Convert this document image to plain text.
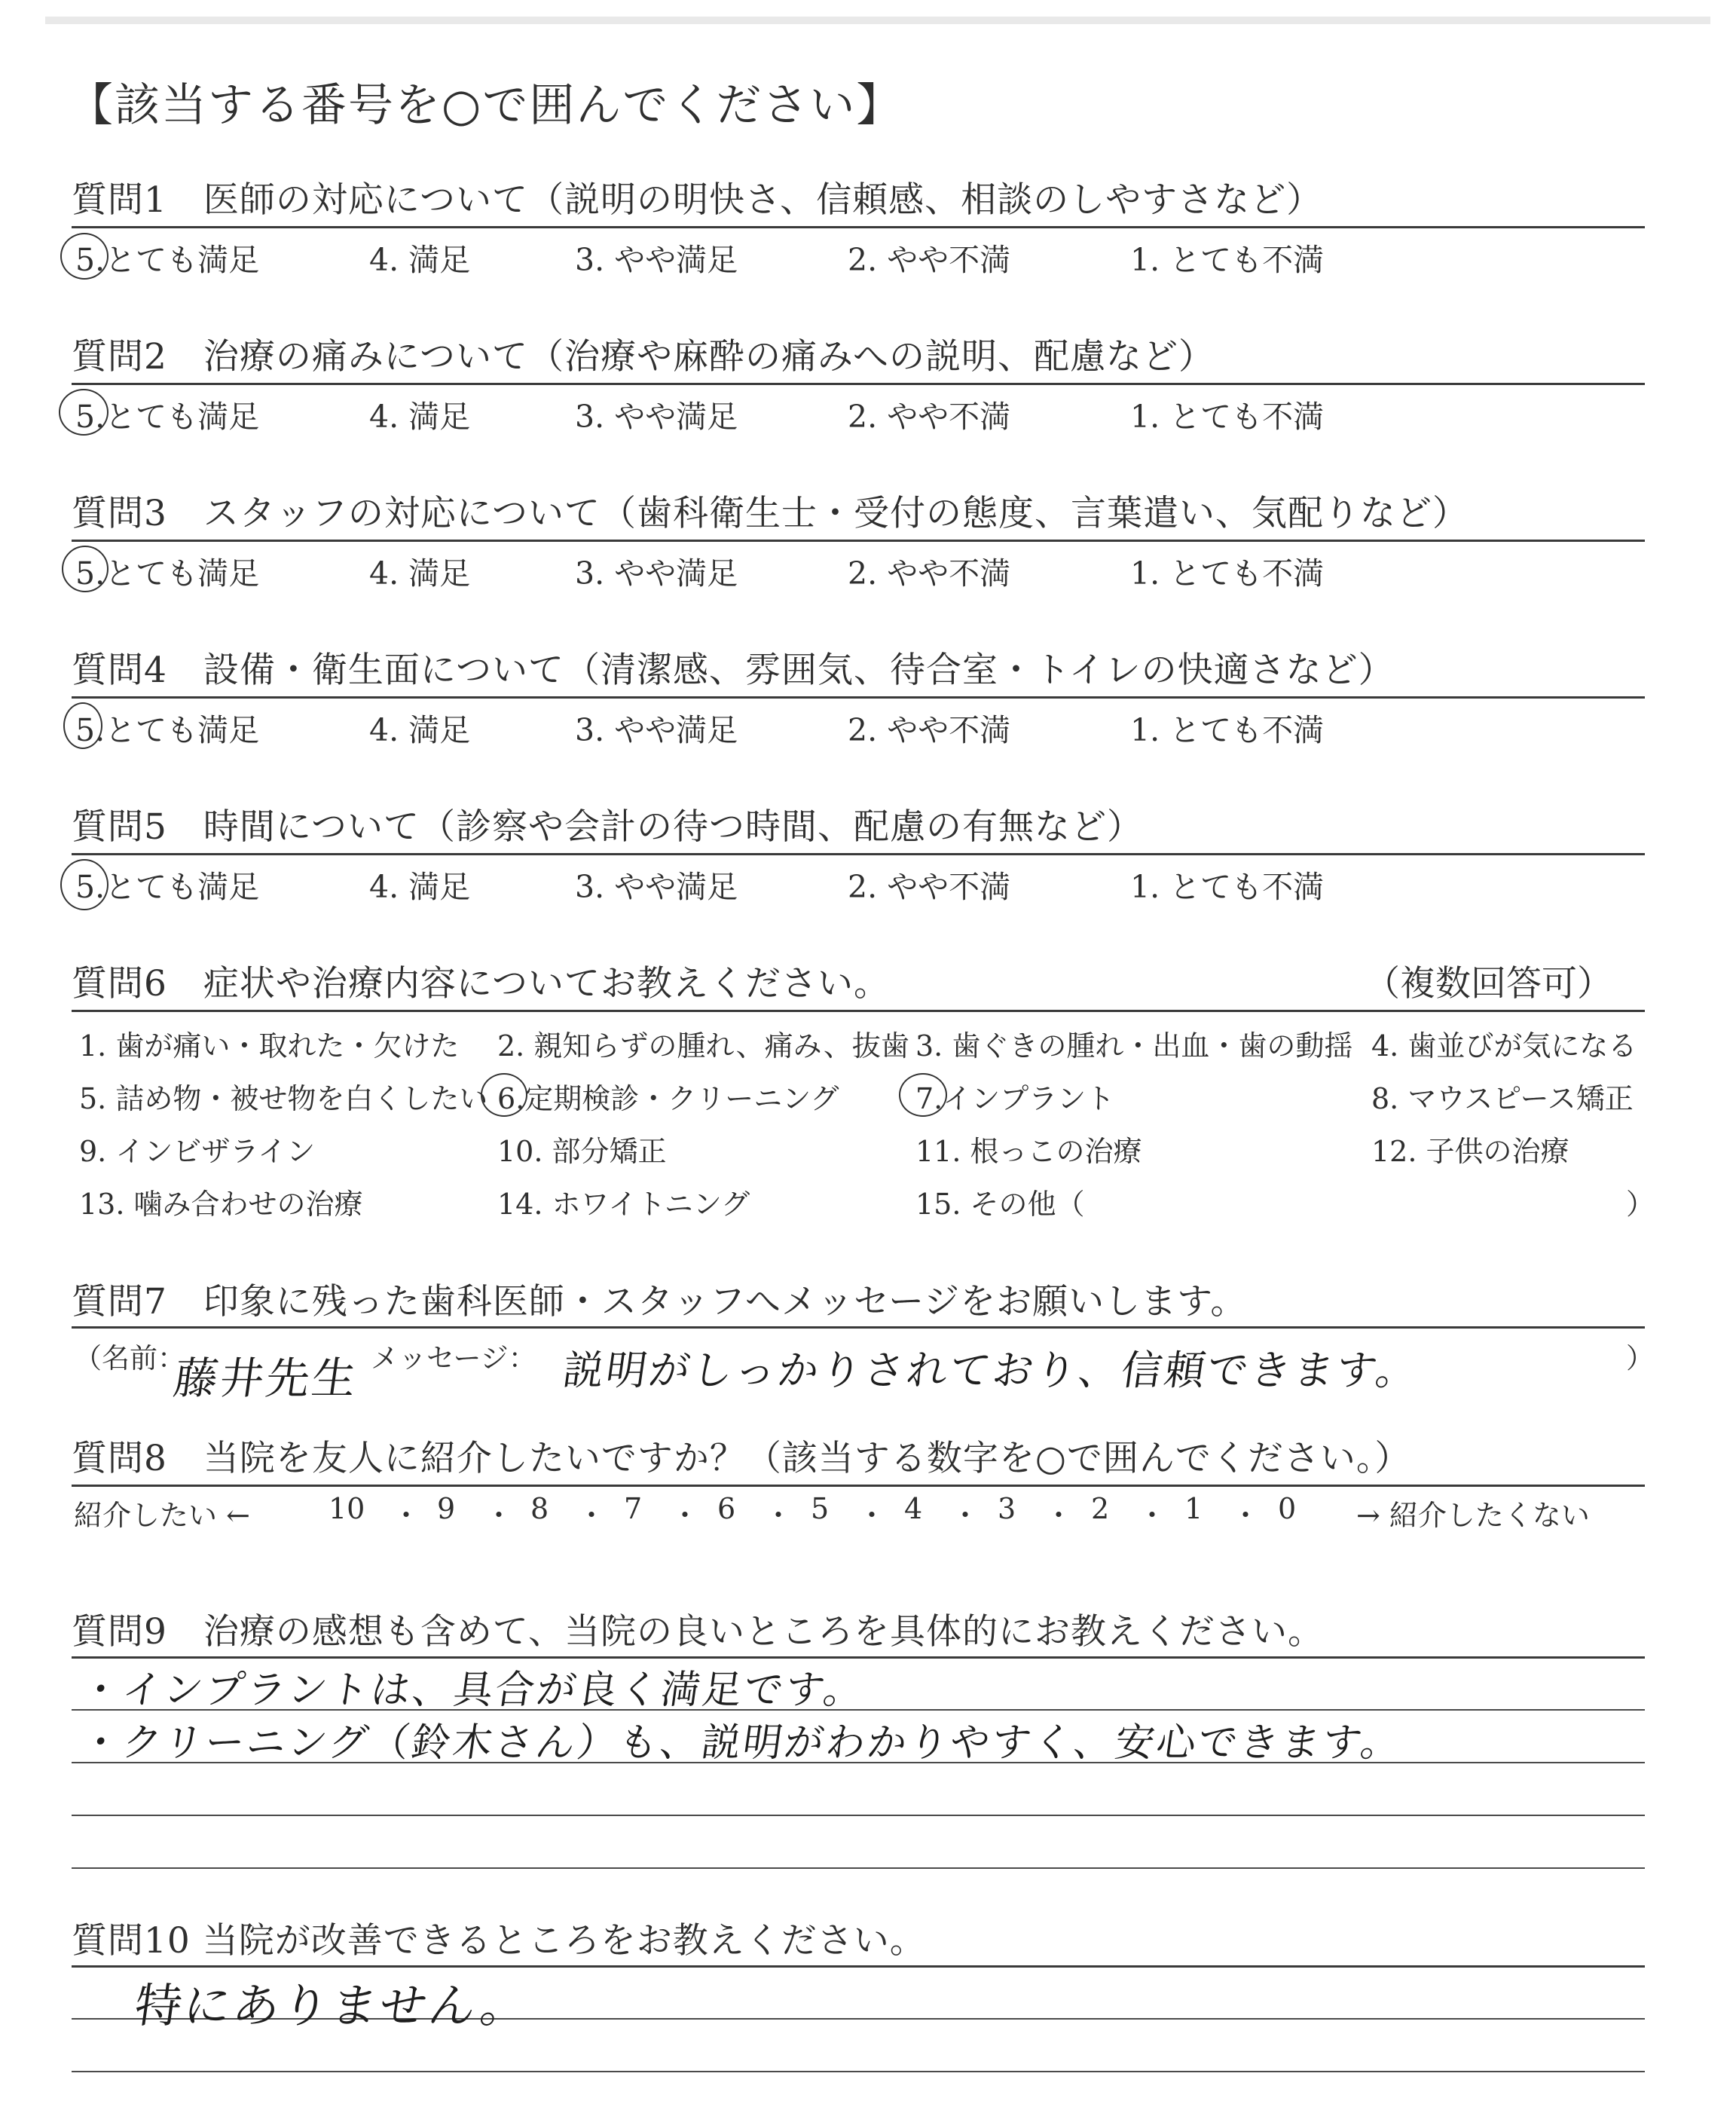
【該当する番号を○で囲んでください】
質問1　医師の対応について（説明の明快さ、信頼感、相談のしやすさなど）
5.とても満足	4. 満足	3. やや満足	2. やや不満	1. とても不満
質問2　治療の痛みについて（治療や麻酔の痛みへの説明、配慮など）
5.とても満足	4. 満足	3. やや満足	2. やや不満	1. とても不満
質問3　スタッフの対応について（歯科衛生士・受付の態度、言葉遣い、気配りなど）
5.とても満足	4. 満足	3. やや満足	2. やや不満	1. とても不満
質問4　設備・衛生面について（清潔感、雰囲気、待合室・トイレの快適さなど）
5.とても満足	4. 満足	3. やや満足	2. やや不満	1. とても不満
質問5　時間について（診察や会計の待つ時間、配慮の有無など）
5.とても満足	4. 満足	3. やや満足	2. やや不満	1. とても不満
質問6　症状や治療内容についてお教えください。	（複数回答可）
1. 歯が痛い・取れた・欠けた 2. 親知らずの腫れ、痛み、抜歯 3. 歯ぐきの腫れ・出血・歯の動揺 4. 歯並びが気になる
5. 詰め物・被せ物を白くしたい 6.定期検診・クリーニング	7.インプラント	8. マウスピース矯正
9. インビザライン	10. 部分矯正	11. 根っこの治療	12. 子供の治療
13. 噛み合わせの治療	14. ホワイトニング	15. その他（	）
質問7　印象に残った歯科医師・スタッフへメッセージをお願いします。
（名前：
藤井先生 メッセージ： 説明がしっかりされており、信頼できます。	）
質問8　当院を友人に紹介したいですか？（該当する数字を○で囲んでください。）
紹介したい ←	10 ・ 9 ・ 8 ・ 7 ・ 6 ・ 5 ・ 4 ・ 3 ・ 2 ・ 1 ・ 0 → 紹介したくない
質問9　治療の感想も含めて、当院の良いところを具体的にお教えください。
・インプラントは、具合が良く満足です。
・クリーニング（鈴木さん）も、説明がわかりやすく、安心できます。
質問10 当院が改善できるところをお教えください。
特にありません。
